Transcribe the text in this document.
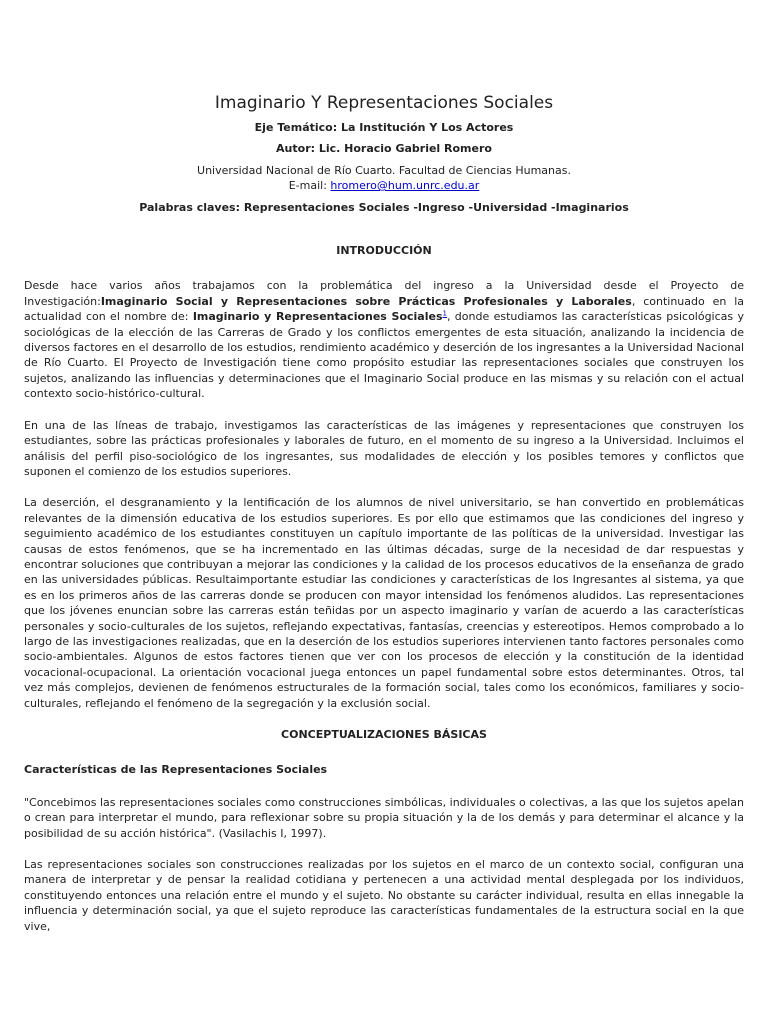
Imaginario Y Representaciones Sociales
Eje Temático: La Institución Y Los Actores
Autor: Lic. Horacio Gabriel Romero
Universidad Nacional de Río Cuarto. Facultad de Ciencias Humanas.
E-mail: hromero@hum.unrc.edu.ar
Palabras claves: Representaciones Sociales -Ingreso -Universidad -Imaginarios
INTRODUCCIÓN

Desde hace varios años trabajamos con la problemática del ingreso a la Universidad desde el Proyecto de Investigación:Imaginario Social y Representaciones sobre Prácticas Profesionales y Laborales, continuado en la actualidad con el nombre de: Imaginario y Representaciones Sociales$^1$, donde estudiamos las características psicológicas y sociológicas de la elección de las Carreras de Grado y los conflictos emergentes de esta situación, analizando la incidencia de diversos factores en el desarrollo de los estudios, rendimiento académico y deserción de los ingresantes a la Universidad Nacional de Río Cuarto. El Proyecto de Investigación tiene como propósito estudiar las representaciones sociales que construyen los sujetos, analizando las influencias y determinaciones que el Imaginario Social produce en las mismas y su relación con el actual contexto socio-histórico-cultural.

En una de las líneas de trabajo, investigamos las características de las imágenes y representaciones que construyen los estudiantes, sobre las prácticas profesionales y laborales de futuro, en el momento de su ingreso a la Universidad. Incluimos el análisis del perfil piso-sociológico de los ingresantes, sus modalidades de elección y los posibles temores y conflictos que suponen el comienzo de los estudios superiores.

La deserción, el desgranamiento y la lentificación de los alumnos de nivel universitario, se han convertido en problemáticas relevantes de la dimensión educativa de los estudios superiores. Es por ello que estimamos que las condiciones del ingreso y seguimiento académico de los estudiantes constituyen un capítulo importante de las políticas de la universidad. Investigar las causas de estos fenómenos, que se ha incrementado en las últimas décadas, surge de la necesidad de dar respuestas y encontrar soluciones que contribuyan a mejorar las condiciones y la calidad de los procesos educativos de la enseñanza de grado en las universidades públicas. Resultaimportante estudiar las condiciones y características de los Ingresantes al sistema, ya que es en los primeros años de las carreras donde se producen con mayor intensidad los fenómenos aludidos. Las representaciones que los jóvenes enuncian sobre las carreras están teñidas por un aspecto imaginario y varían de acuerdo a las características personales y socio-culturales de los sujetos, reflejando expectativas, fantasías, creencias y estereotipos. Hemos comprobado a lo largo de las investigaciones realizadas, que en la deserción de los estudios superiores intervienen tanto factores personales como socio-ambientales. Algunos de estos factores tienen que ver con los procesos de elección y la constitución de la identidad vocacional-ocupacional. La orientación vocacional juega entonces un papel fundamental sobre estos determinantes. Otros, tal vez más complejos, devienen de fenómenos estructurales de la formación social, tales como los económicos, familiares y socio-culturales, reflejando el fenómeno de la segregación y la exclusión social.

CONCEPTUALIZACIONES BÁSICAS
Características de las Representaciones Sociales

"Concebimos las representaciones sociales como construcciones simbólicas, individuales o colectivas, a las que los sujetos apelan o crean para interpretar el mundo, para reflexionar sobre su propia situación y la de los demás y para determinar el alcance y la posibilidad de su acción histórica". (Vasilachis I, 1997).

Las representaciones sociales son construcciones realizadas por los sujetos en el marco de un contexto social, configuran una manera de interpretar y de pensar la realidad cotidiana y pertenecen a una actividad mental desplegada por los individuos, constituyendo entonces una relación entre el mundo y el sujeto. No obstante su carácter individual, resulta en ellas innegable la influencia y determinación social, ya que el sujeto reproduce las características fundamentales de la estructura social en la que vive,
